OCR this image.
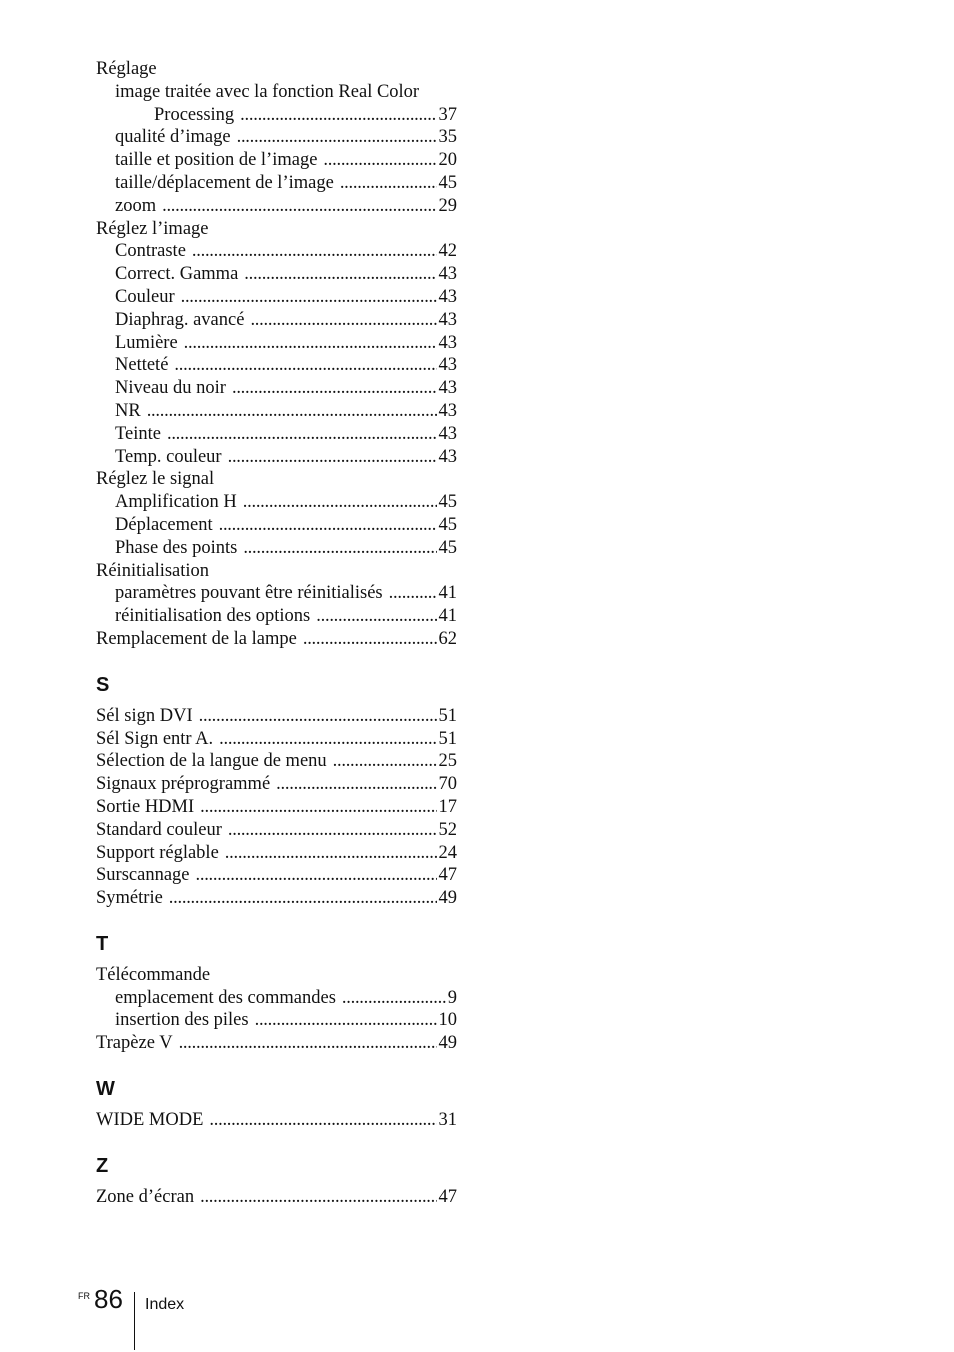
Réglage
image traitée avec la fonction Real Color
Processing . . .	37
qualité d’image . . .	35
taille et position de l’image . . .	20
taille/déplacement de l’image . . .	45
zoom . . .	29
Réglez l’image
Contraste . . .	42
Correct. Gamma . . .	43
Couleur . . .	43
Diaphrag. avancé . . .	43
Lumière . . .	43
Netteté . . .	43
Niveau du noir . . .	43
NR . . .	43
Teinte . . .	43
Temp. couleur . . .	43
Réglez le signal
Amplification H . . .	45
Déplacement . . .	45
Phase des points . . .	45
Réinitialisation
paramètres pouvant être réinitialisés . . .	41
réinitialisation des options . . .	41
Remplacement de la lampe . . .	62
S
Sél sign DVI . . .	51
Sél Sign entr A. . . .	51
Sélection de la langue de menu . . .	25
Signaux préprogrammé . . .	70
Sortie HDMI . . .	17
Standard couleur . . .	52
Support réglable . . .	24
Surscannage . . .	47
Symétrie . . .	49
T
Télécommande
emplacement des commandes . . .	9
insertion des piles . . .	10
Trapèze V . . .	49
W
WIDE MODE . . .	31
Z
Zone d’écran . . .	47
FR 86 Index
